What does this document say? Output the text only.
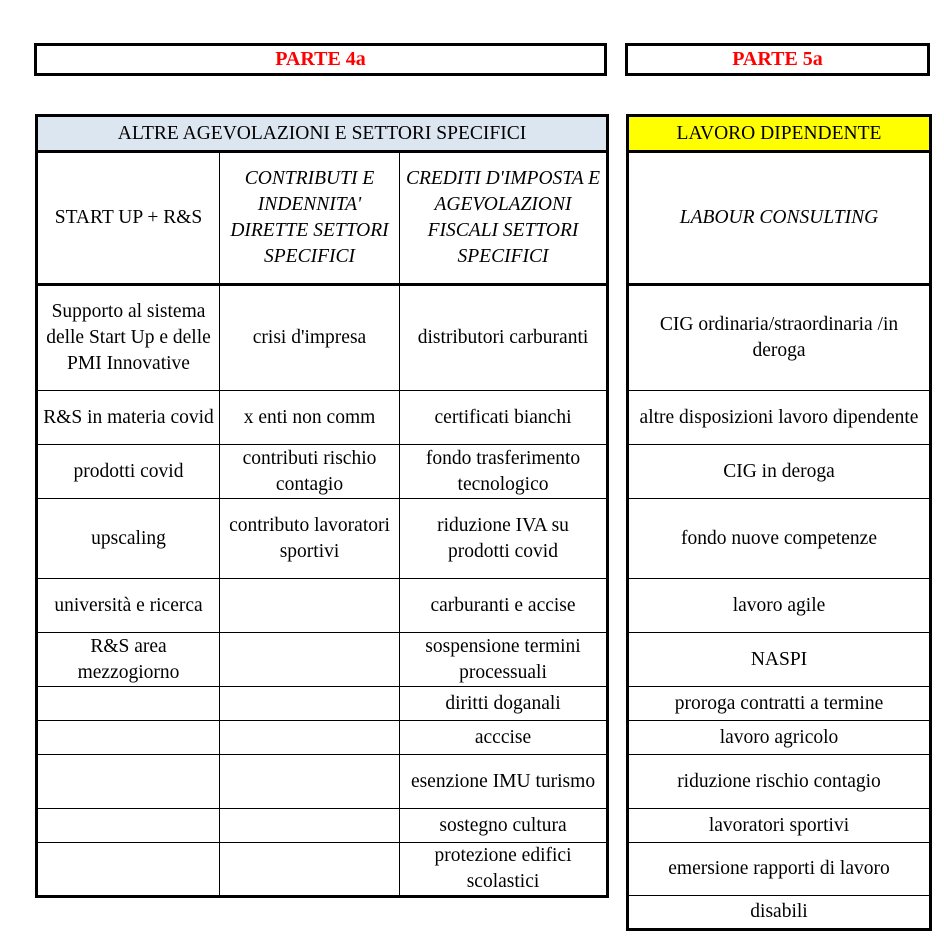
PARTE 4a	PARTE 5a
ALTRE AGEVOLAZIONI E SETTORI SPECIFICI		
START UP + R&S	CONTRIBUTI E INDENNITA' DIRETTE SETTORI SPECIFICI	CREDITI D'IMPOSTA E AGEVOLAZIONI FISCALI SETTORI SPECIFICI
Supporto al sistema delle Start Up e delle PMI Innovative	crisi d'impresa	distributori carburanti
R&S in materia covid	x enti non comm	certificati bianchi
prodotti covid	contributi rischio contagio	fondo trasferimento tecnologico
upscaling	contributo lavoratori sportivi	riduzione IVA su prodotti covid
università e ricerca		carburanti e accise
R&S area mezzogiorno		sospensione termini processuali
		diritti doganali
		acccise
		esenzione IMU turismo
		sostegno cultura
		protezione edifici scolastici
LAVORO DIPENDENTE
LABOUR CONSULTING
CIG ordinaria/straordinaria /in deroga
altre disposizioni lavoro dipendente
CIG in deroga
fondo nuove competenze
lavoro agile
NASPI
proroga contratti a termine
lavoro agricolo
riduzione rischio contagio
lavoratori sportivi
emersione rapporti di lavoro
disabili
